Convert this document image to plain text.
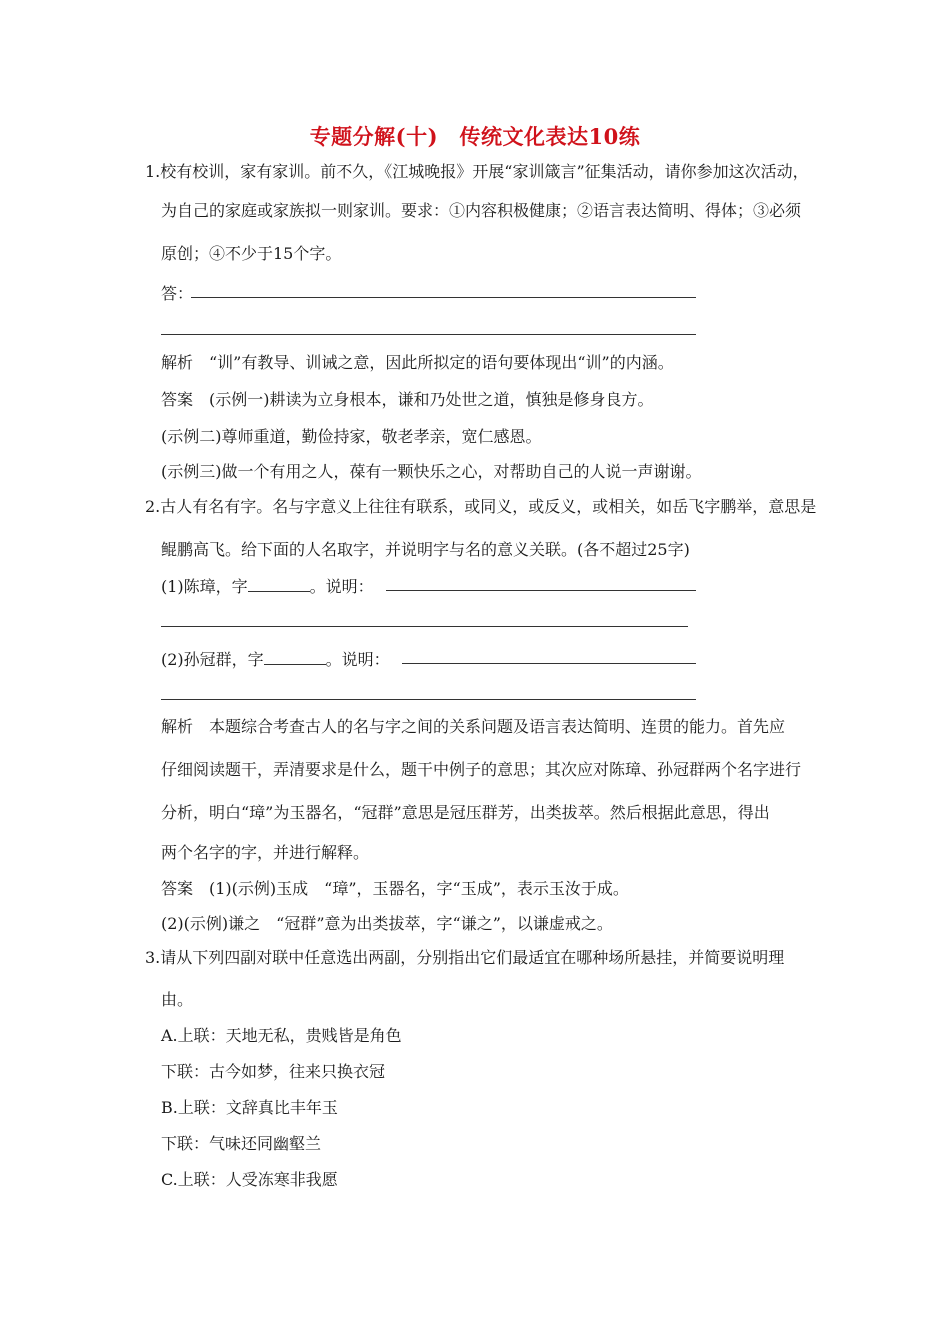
专题分解(十)　传统文化表达10练
1.校有校训，家有家训。前不久，《江城晚报》开展“家训箴言”征集活动，请你参加这次活动，
为自己的家庭或家族拟一则家训。要求：①内容积极健康；②语言表达简明、得体；③必须
原创；④不少于15个字。
答：
解析　“训”有教导、训诫之意，因此所拟定的语句要体现出“训”的内涵。
答案　(示例一)耕读为立身根本，谦和乃处世之道，慎独是修身良方。
(示例二)尊师重道，勤俭持家，敬老孝亲，宽仁感恩。
(示例三)做一个有用之人，葆有一颗快乐之心，对帮助自己的人说一声谢谢。
2.古人有名有字。名与字意义上往往有联系，或同义，或反义，或相关，如岳飞字鹏举，意思是
鲲鹏高飞。给下面的人名取字，并说明字与名的意义关联。(各不超过25字)
(1)陈璋，字	。说明：
(2)孙冠群，字	。说明：
解析　本题综合考查古人的名与字之间的关系问题及语言表达简明、连贯的能力。首先应
仔细阅读题干，弄清要求是什么，题干中例子的意思；其次应对陈璋、孙冠群两个名字进行
分析，明白“璋”为玉器名，“冠群”意思是冠压群芳，出类拔萃。然后根据此意思，得出
两个名字的字，并进行解释。
答案　(1)(示例)玉成　“璋”，玉器名，字“玉成”，表示玉汝于成。
(2)(示例)谦之　“冠群”意为出类拔萃，字“谦之”，以谦虚戒之。
3.请从下列四副对联中任意选出两副，分别指出它们最适宜在哪种场所悬挂，并简要说明理
由。
A.上联：天地无私，贵贱皆是角色
下联：古今如梦，往来只换衣冠
B.上联：文辞真比丰年玉
下联：气味还同幽壑兰
C.上联：人受冻寒非我愿
